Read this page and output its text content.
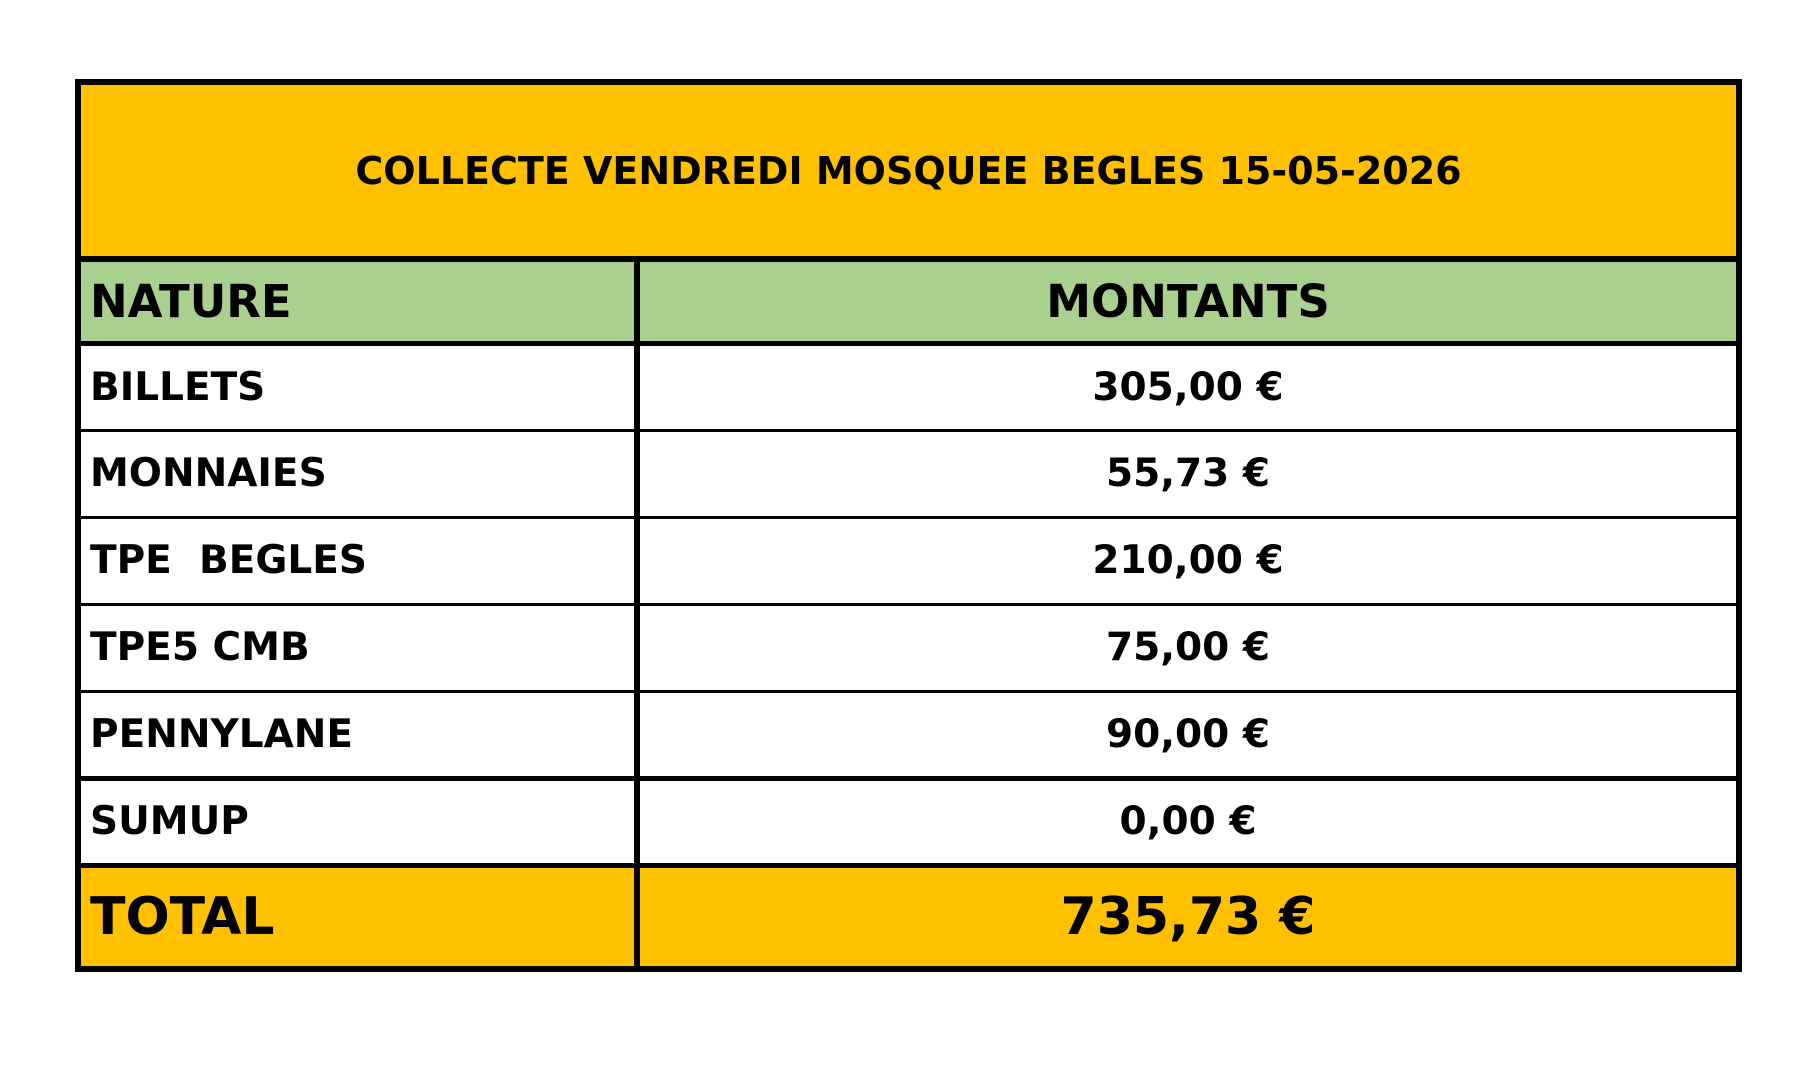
COLLECTE VENDREDI MOSQUEE BEGLES 15-05-2026	
NATURE	MONTANTS
BILLETS	305,00 €
MONNAIES	55,73 €
TPE  BEGLES	210,00 €
TPE5 CMB	75,00 €
PENNYLANE	90,00 €
SUMUP	0,00 €
TOTAL	735,73 €
